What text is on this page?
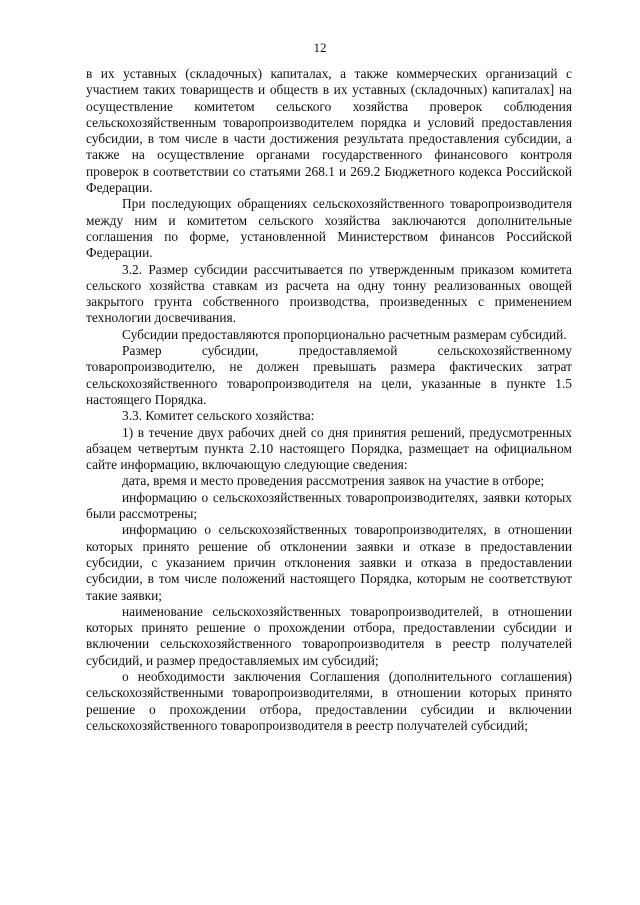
12

в их уставных (складочных) капиталах, а также коммерческих организаций с участием таких товариществ и обществ в их уставных (складочных) капиталах] на осуществление комитетом сельского хозяйства проверок соблюдения сельскохозяйственным товаропроизводителем порядка и условий предоставления субсидии, в том числе в части достижения результата предоставления субсидии, а также на осуществление органами государственного финансового контроля проверок в соответствии со статьями 268.1 и 269.2 Бюджетного кодекса Российской Федерации.

При последующих обращениях сельскохозяйственного товаропроизводителя между ним и комитетом сельского хозяйства заключаются дополнительные соглашения по форме, установленной Министерством финансов Российской Федерации.

3.2. Размер субсидии рассчитывается по утвержденным приказом комитета сельского хозяйства ставкам из расчета на одну тонну реализованных овощей закрытого грунта собственного производства, произведенных с применением технологии досвечивания.

Субсидии предоставляются пропорционально расчетным размерам субсидий.

Размер субсидии, предоставляемой сельскохозяйственному товаропроизводителю, не должен превышать размера фактических затрат сельскохозяйственного товаропроизводителя на цели, указанные в пункте 1.5 настоящего Порядка.

3.3. Комитет сельского хозяйства:

1) в течение двух рабочих дней со дня принятия решений, предусмотренных абзацем четвертым пункта 2.10 настоящего Порядка, размещает на официальном сайте информацию, включающую следующие сведения:

дата, время и место проведения рассмотрения заявок на участие в отборе;

информацию о сельскохозяйственных товаропроизводителях, заявки которых были рассмотрены;

информацию о сельскохозяйственных товаропроизводителях, в отношении которых принято решение об отклонении заявки и отказе в предоставлении субсидии, с указанием причин отклонения заявки и отказа в предоставлении субсидии, в том числе положений настоящего Порядка, которым не соответствуют такие заявки;

наименование сельскохозяйственных товаропроизводителей, в отношении которых принято решение о прохождении отбора, предоставлении субсидии и включении сельскохозяйственного товаропроизводителя в реестр получателей субсидий, и размер предоставляемых им субсидий;

о необходимости заключения Соглашения (дополнительного соглашения) сельскохозяйственными товаропроизводителями, в отношении которых принято решение о прохождении отбора, предоставлении субсидии и включении сельскохозяйственного товаропроизводителя в реестр получателей субсидий;
